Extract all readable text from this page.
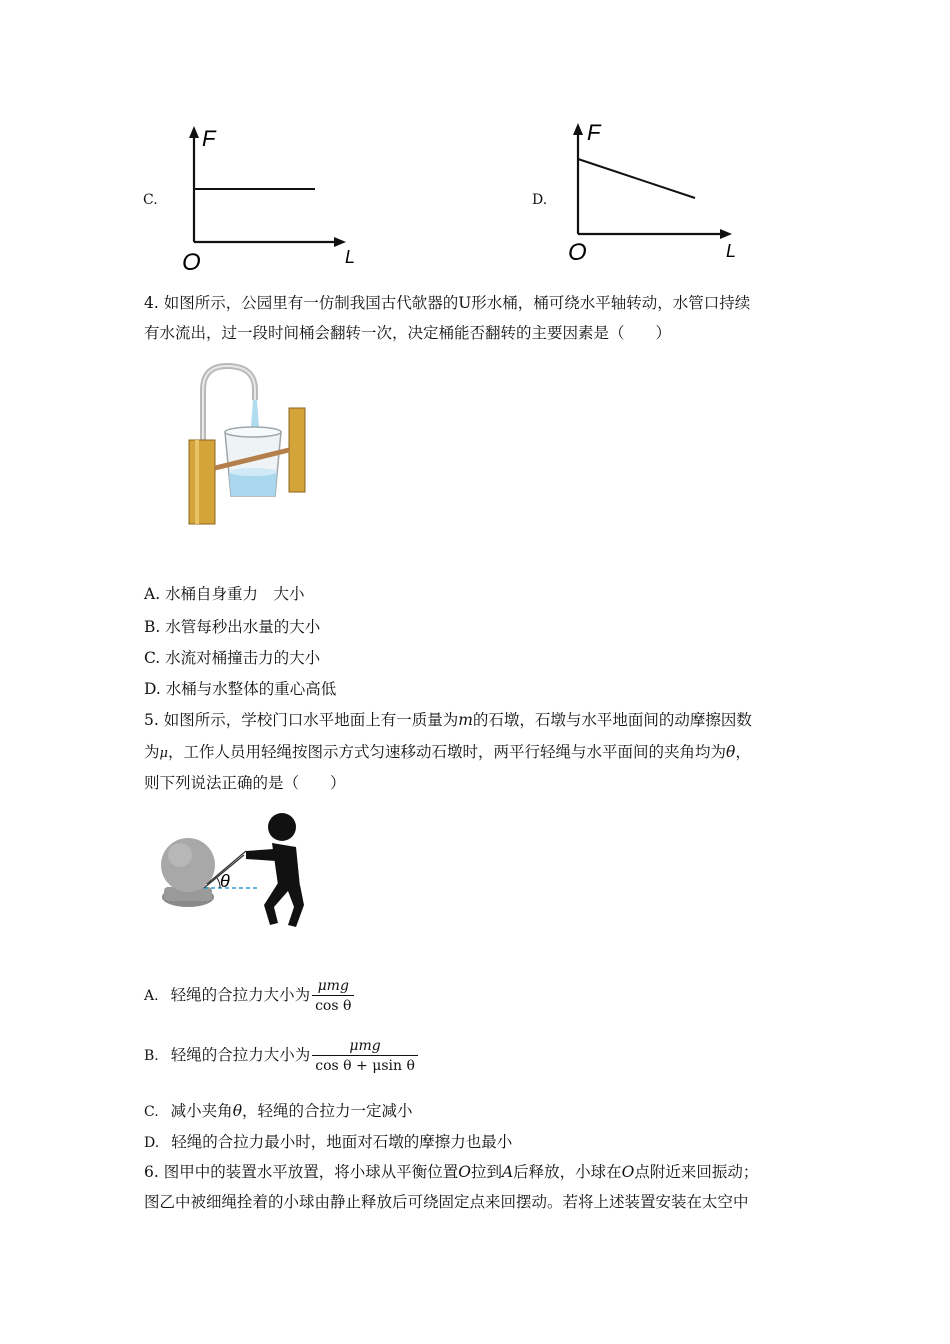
C.
F
L
O
D.
F
L
O
4. 如图所示，公园里有一仿制我国古代欹器的U形水桶，桶可绕水平轴转动，水管口持续
有水流出，过一段时间桶会翻转一次，决定桶能否翻转的主要因素是（　　）
A. 水桶自身重力　大小
B. 水管每秒出水量的大小
C. 水流对桶撞击力的大小
D. 水桶与水整体的重心高低
5. 如图所示，学校门口水平地面上有一质量为m的石墩，石墩与水平地面间的动摩擦因数
为μ，工作人员用轻绳按图示方式匀速移动石墩时，两平行轻绳与水平面间的夹角均为θ，
则下列说法正确的是（　　）
θ
A. 轻绳的合拉力大小为 $\frac{\text{μmg}}{\text{cos θ}}$
B. 轻绳的合拉力大小为 $\frac{\text{μmg}}{\text{cos θ + μsin θ}}$
C. 减小夹角θ，轻绳的合拉力一定减小
D. 轻绳的合拉力最小时，地面对石墩的摩擦力也最小
6. 图甲中的装置水平放置，将小球从平衡位置O拉到A后释放，小球在O点附近来回振动；
图乙中被细绳拴着的小球由静止释放后可绕固定点来回摆动。若将上述装置安装在太空中
